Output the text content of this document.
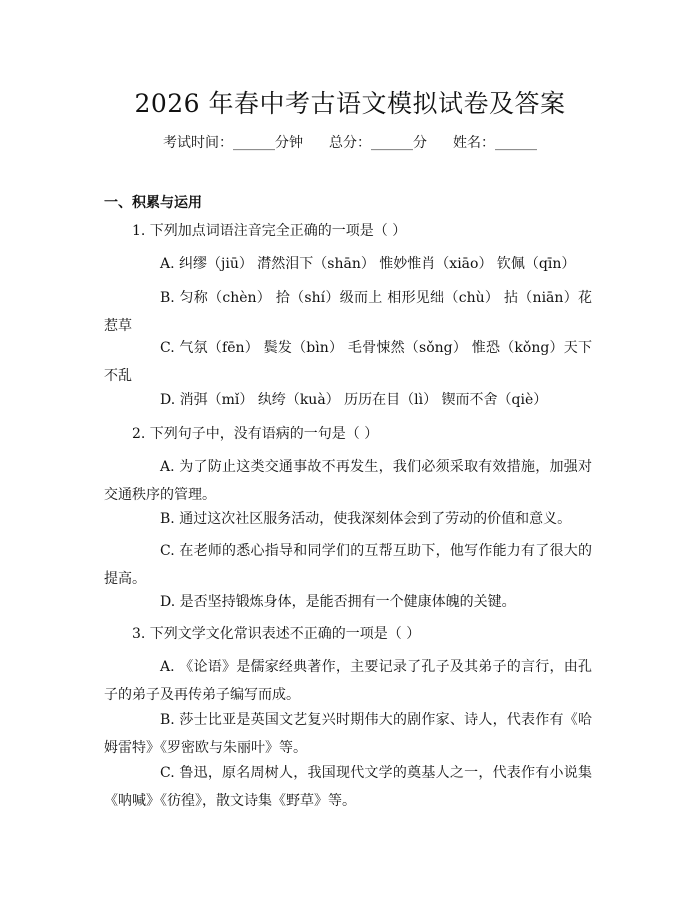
2026 年春中考古语文模拟试卷及答案
考试时间：______分钟 总分：______分 姓名：______
一、积累与运用

1. 下列加点词语注音完全正确的一项是（ ）

A. 纠缪（jiū） 潸然泪下（shān） 惟妙惟肖（xiāo） 钦佩（qīn）

B. 匀称（chèn） 拾（shí）级而上 相形见绌（chù） 拈（niān）花惹草

C. 气氛（fēn） 鬓发（bìn） 毛骨悚然（sǒng） 惟恐（kǒng）天下不乱

D. 消弭（mǐ） 纨绔（kuà） 历历在目（lì） 锲而不舍（qiè）

2. 下列句子中，没有语病的一句是（ ）

A. 为了防止这类交通事故不再发生，我们必须采取有效措施，加强对交通秩序的管理。

B. 通过这次社区服务活动，使我深刻体会到了劳动的价值和意义。

C. 在老师的悉心指导和同学们的互帮互助下，他写作能力有了很大的提高。

D. 是否坚持锻炼身体，是能否拥有一个健康体魄的关键。

3. 下列文学文化常识表述不正确的一项是（ ）

A. 《论语》是儒家经典著作，主要记录了孔子及其弟子的言行，由孔子的弟子及再传弟子编写而成。

B. 莎士比亚是英国文艺复兴时期伟大的剧作家、诗人，代表作有《哈姆雷特》《罗密欧与朱丽叶》等。

C. 鲁迅，原名周树人，我国现代文学的奠基人之一，代表作有小说集《呐喊》《彷徨》，散文诗集《野草》等。
